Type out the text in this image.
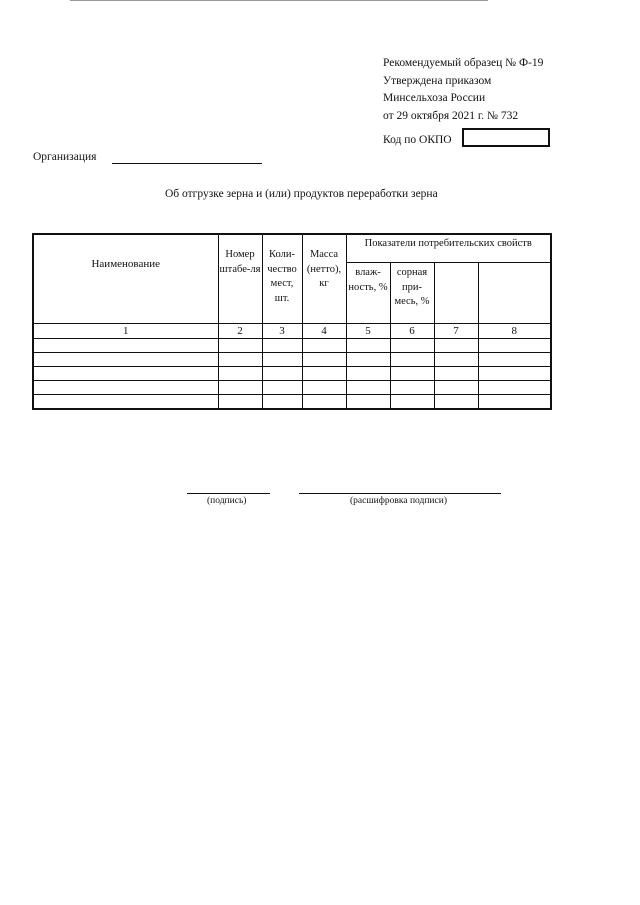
Рекомендуемый образец № Ф-19
Утверждена приказом
Минсельхоза России
от 29 октября 2021 г. № 732
Код по ОКПО
Организация
Об отгрузке зерна и (или) продуктов переработки зерна
Наименование	Номер штабе-ля	Коли-чество мест, шт.	Масса (нетто), кг	Показатели потребительских свойств			
				влаж-ность, %	сорная при-месь, %		
1	2	3	4	5	6	7	8

(подпись)	(расшифровка подписи)
